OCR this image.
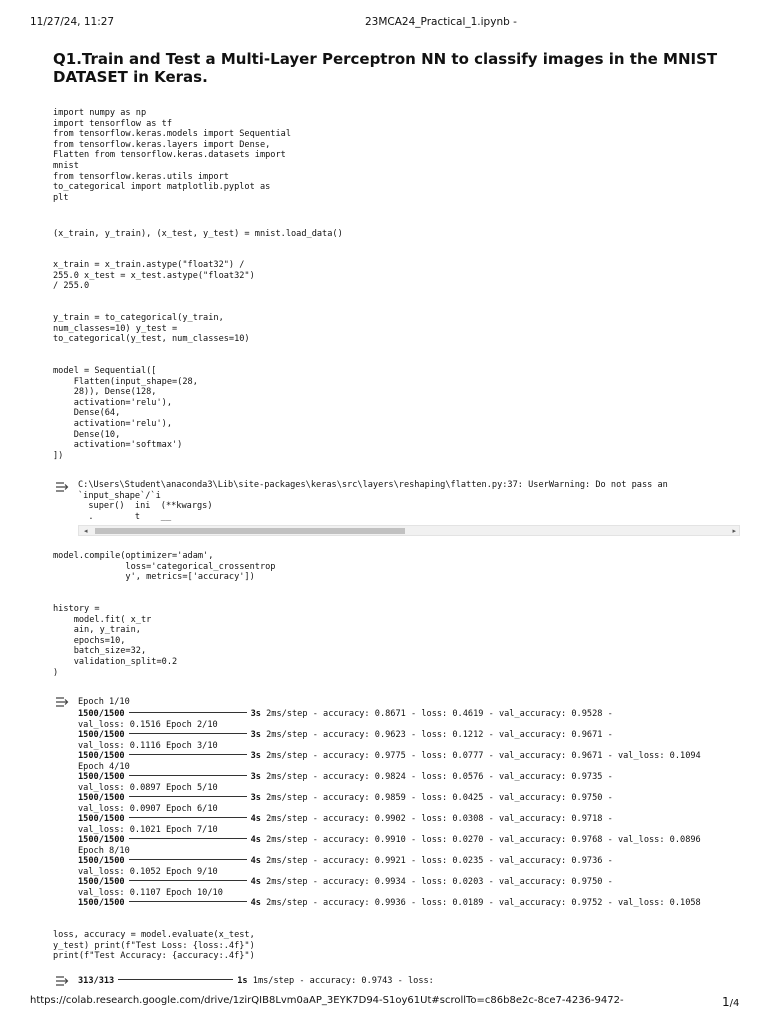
11/27/24, 11:27	23MCA24_Practical_1.ipynb -
Q1.Train and Test a Multi-Layer Perceptron NN to classify images in the MNIST DATASET in Keras.
import numpy as np
import tensorflow as tf
from tensorflow.keras.models import Sequential
from tensorflow.keras.layers import Dense,
Flatten from tensorflow.keras.datasets import
mnist
from tensorflow.keras.utils import
to_categorical import matplotlib.pyplot as
plt
(x_train, y_train), (x_test, y_test) = mnist.load_data()
x_train = x_train.astype("float32") /
255.0 x_test = x_test.astype("float32")
/ 255.0
y_train = to_categorical(y_train,
num_classes=10) y_test =
to_categorical(y_test, num_classes=10)
model = Sequential([
Flatten(input_shape=(28,
28)), Dense(128,
activation='relu'),
Dense(64,
activation='relu'),
Dense(10,
activation='softmax')
])
C:\Users\Student\anaconda3\Lib\site-packages\keras\src\layers\reshaping\flatten.py:37: UserWarning: Do not pass an
`input_shape`/`i
super()  ini  (**kwargs)
.        t    __
◂	▸
model.compile(optimizer='adam',
loss='categorical_crossentrop
y', metrics=['accuracy'])
history =
model.fit( x_tr
ain, y_train,
epochs=10,
batch_size=32,
validation_split=0.2
)
Epoch 1/10
1500/1500	3s 2ms/step - accuracy: 0.8671 - loss: 0.4619 - val_accuracy: 0.9528 -
val_loss: 0.1516 Epoch 2/10
1500/1500	3s 2ms/step - accuracy: 0.9623 - loss: 0.1212 - val_accuracy: 0.9671 -
val_loss: 0.1116 Epoch 3/10
1500/1500	3s 2ms/step - accuracy: 0.9775 - loss: 0.0777 - val_accuracy: 0.9671 - val_loss: 0.1094
Epoch 4/10
1500/1500	3s 2ms/step - accuracy: 0.9824 - loss: 0.0576 - val_accuracy: 0.9735 -
val_loss: 0.0897 Epoch 5/10
1500/1500	3s 2ms/step - accuracy: 0.9859 - loss: 0.0425 - val_accuracy: 0.9750 -
val_loss: 0.0907 Epoch 6/10
1500/1500	4s 2ms/step - accuracy: 0.9902 - loss: 0.0308 - val_accuracy: 0.9718 -
val_loss: 0.1021 Epoch 7/10
1500/1500	4s 2ms/step - accuracy: 0.9910 - loss: 0.0270 - val_accuracy: 0.9768 - val_loss: 0.0896
Epoch 8/10
1500/1500	4s 2ms/step - accuracy: 0.9921 - loss: 0.0235 - val_accuracy: 0.9736 -
val_loss: 0.1052 Epoch 9/10
1500/1500	4s 2ms/step - accuracy: 0.9934 - loss: 0.0203 - val_accuracy: 0.9750 -
val_loss: 0.1107 Epoch 10/10
1500/1500	4s 2ms/step - accuracy: 0.9936 - loss: 0.0189 - val_accuracy: 0.9752 - val_loss: 0.1058
loss, accuracy = model.evaluate(x_test,
y_test) print(f"Test Loss: {loss:.4f}")
print(f"Test Accuracy: {accuracy:.4f}")
313/313	1s 1ms/step - accuracy: 0.9743 - loss:
https://colab.research.google.com/drive/1zirQIB8Lvm0aAP_3EYK7D94-S1oy61Ut#scrollTo=c86b8e2c-8ce7-4236-9472-	1/4
